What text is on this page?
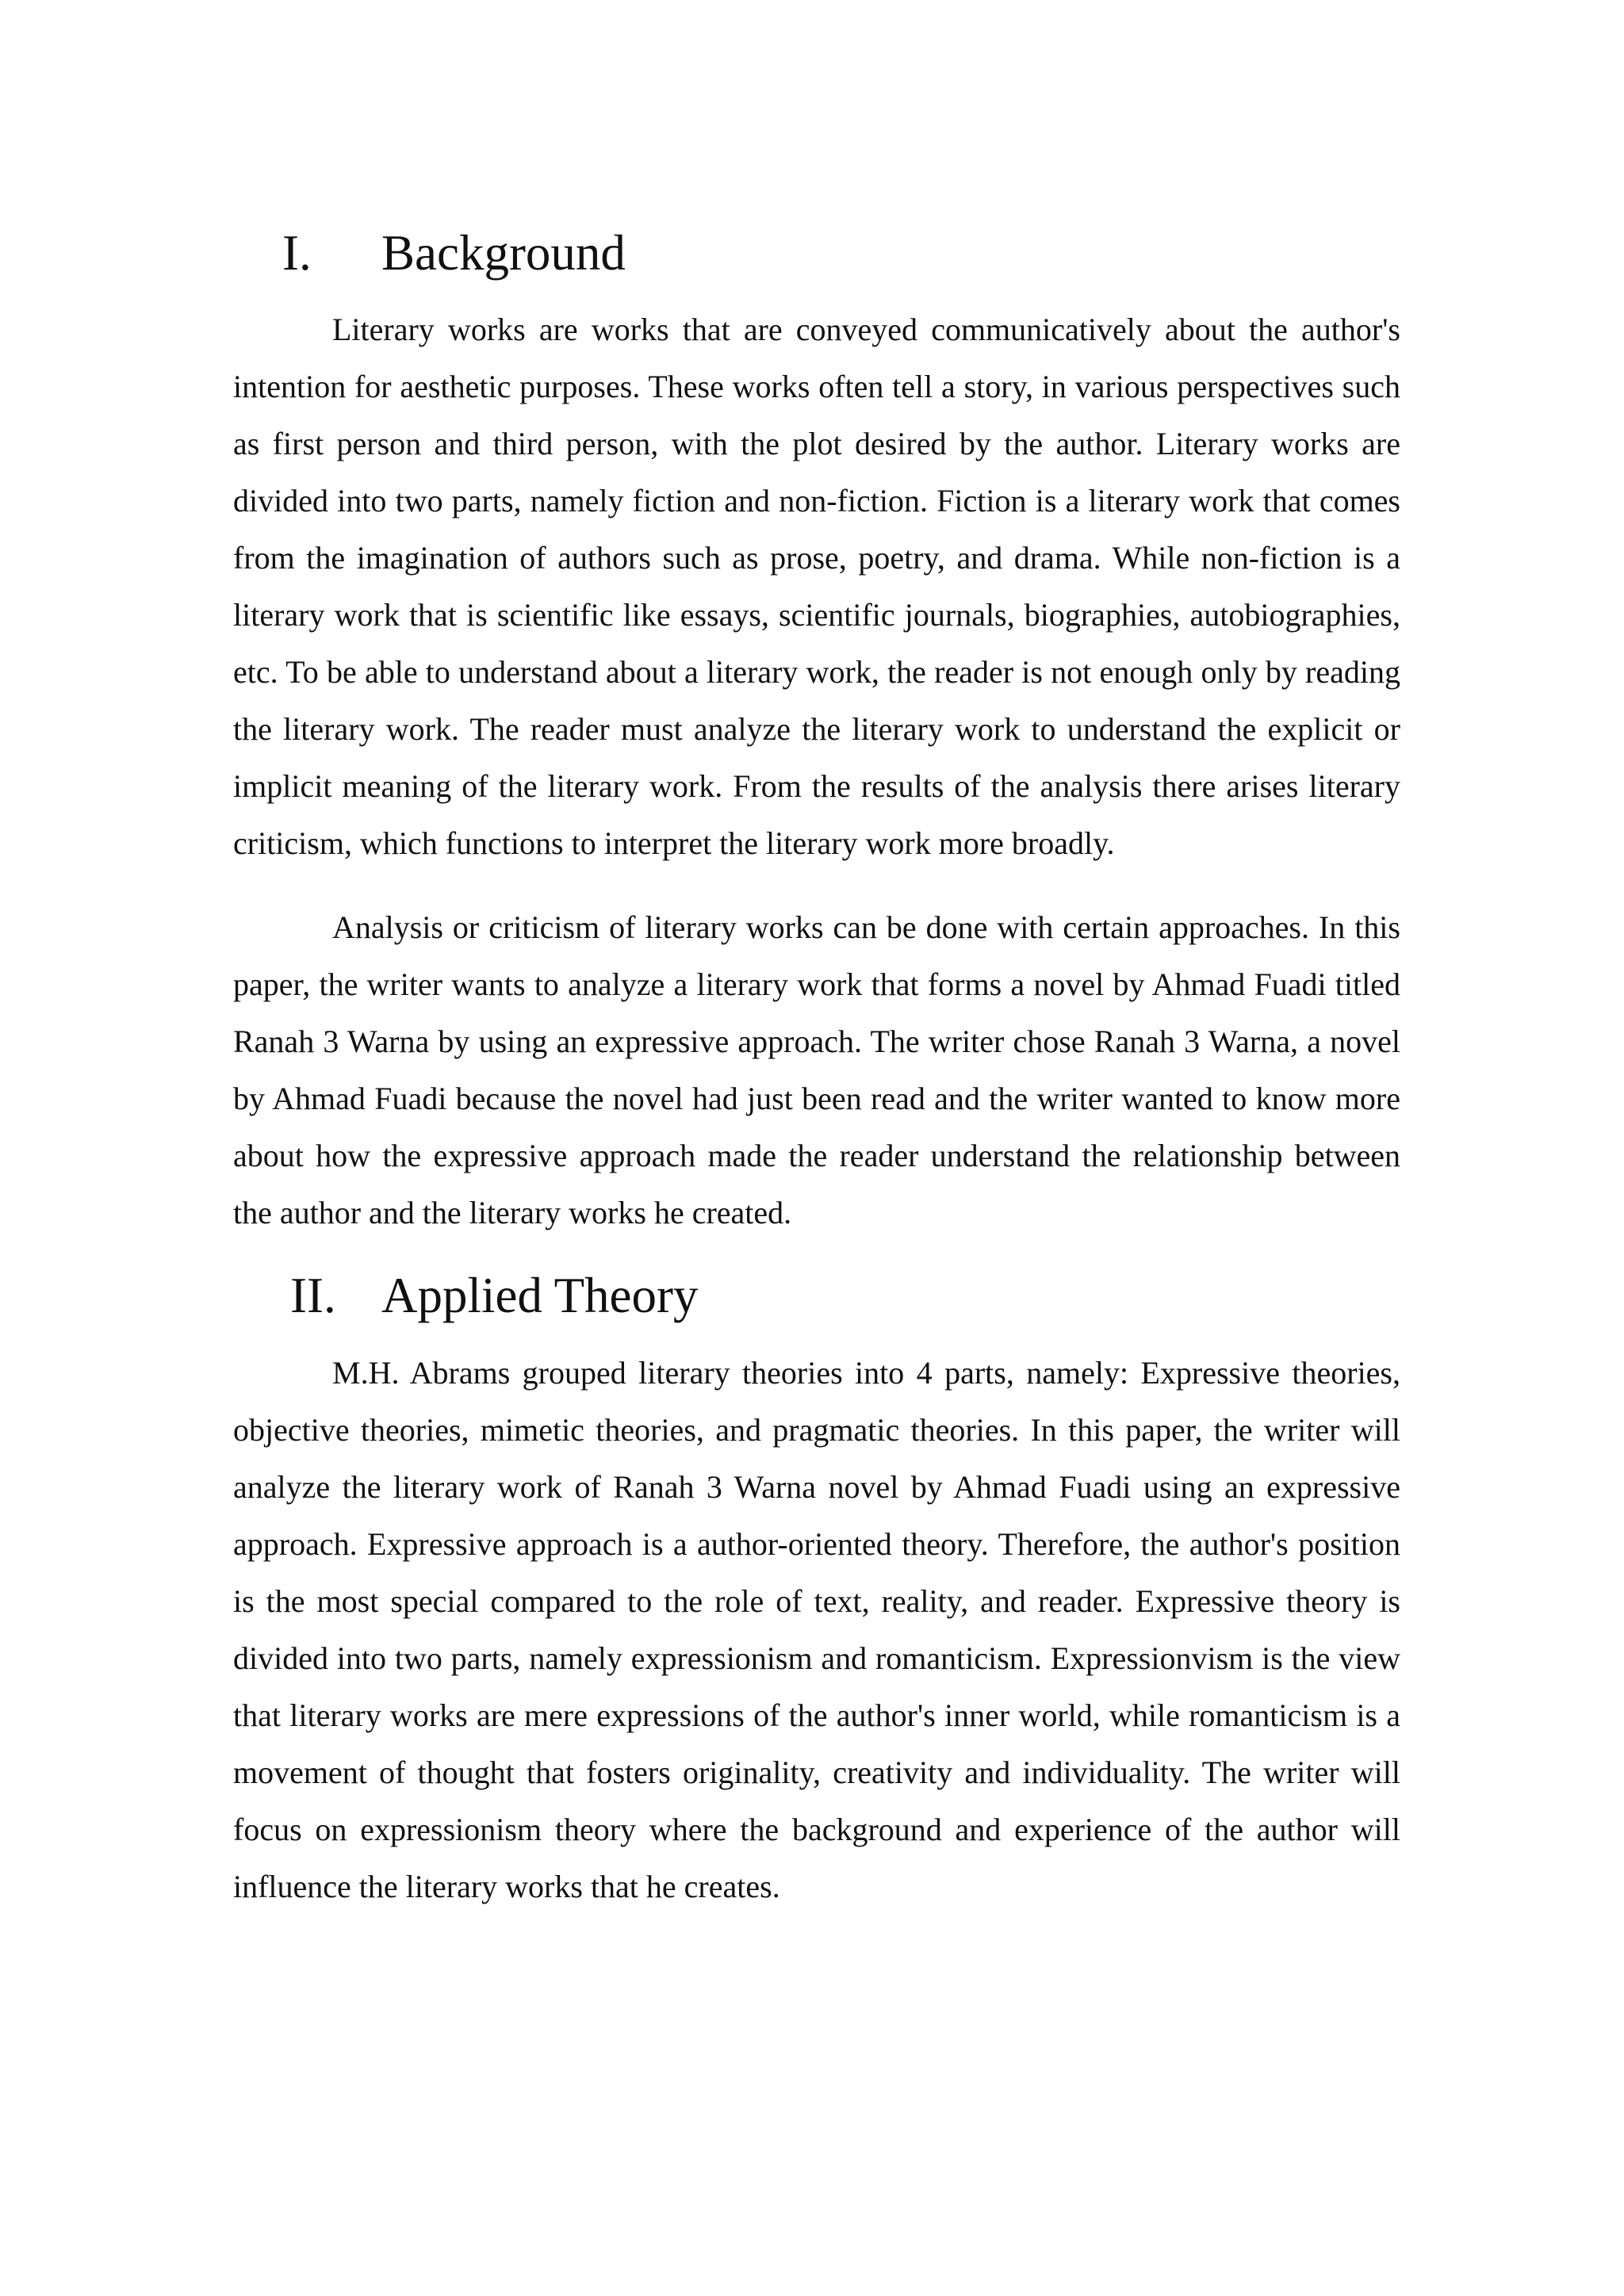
I.	Background

Literary works are works that are conveyed communicatively about the author's intention for aesthetic purposes. These works often tell a story, in various perspectives such as first person and third person, with the plot desired by the author. Literary works are divided into two parts, namely fiction and non-fiction. Fiction is a literary work that comes from the imagination of authors such as prose, poetry, and drama. While non-fiction is a literary work that is scientific like essays, scientific journals, biographies, autobiographies, etc. To be able to understand about a literary work, the reader is not enough only by reading the literary work. The reader must analyze the literary work to understand the explicit or implicit meaning of the literary work. From the results of the analysis there arises literary criticism, which functions to interpret the literary work more broadly.

Analysis or criticism of literary works can be done with certain approaches. In this paper, the writer wants to analyze a literary work that forms a novel by Ahmad Fuadi titled Ranah 3 Warna by using an expressive approach. The writer chose Ranah 3 Warna, a novel by Ahmad Fuadi because the novel had just been read and the writer wanted to know more about how the expressive approach made the reader understand the relationship between the author and the literary works he created.

II. Applied Theory

M.H. Abrams grouped literary theories into 4 parts, namely: Expressive theories, objective theories, mimetic theories, and pragmatic theories. In this paper, the writer will analyze the literary work of Ranah 3 Warna novel by Ahmad Fuadi using an expressive approach. Expressive approach is a author-oriented theory. Therefore, the author's position is the most special compared to the role of text, reality, and reader. Expressive theory is divided into two parts, namely expressionism and romanticism. Expressionvism is the view that literary works are mere expressions of the author's inner world, while romanticism is a movement of thought that fosters originality, creativity and individuality. The writer will focus on expressionism theory where the background and experience of the author will influence the literary works that he creates.
